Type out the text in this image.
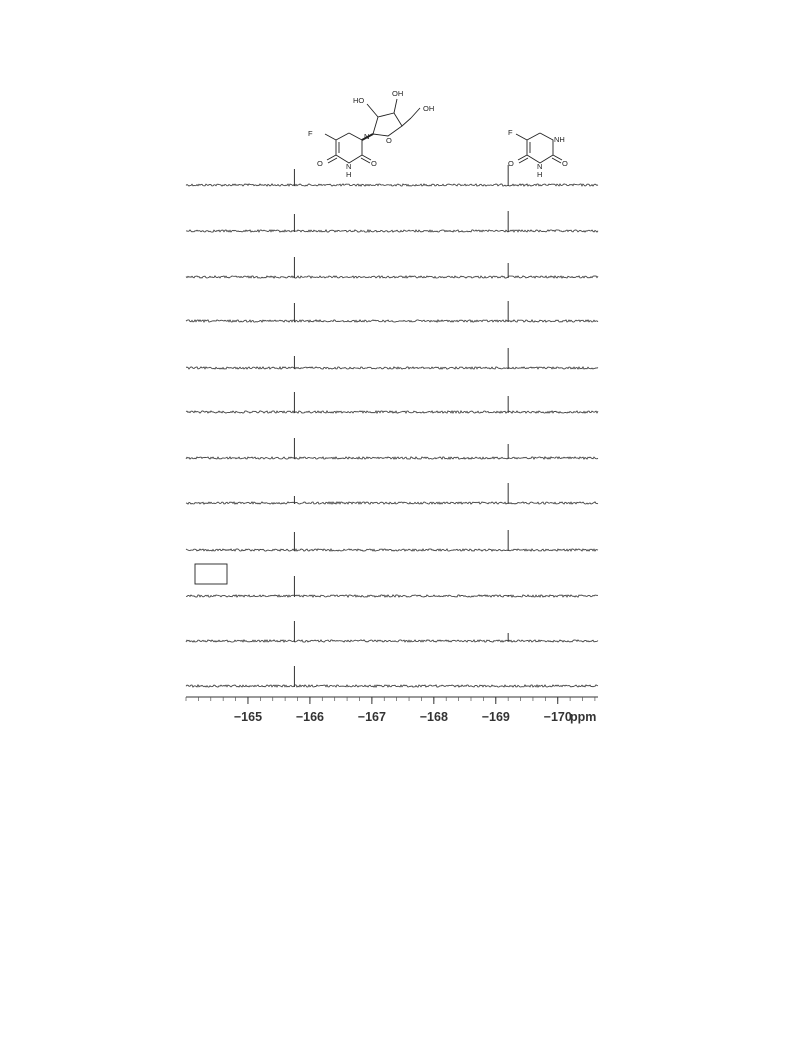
F	N
N
H
O	O
O
HO
OH
OH
F
NH
N
H
O	O
−165	−166	−167	−168	−169	−170
ppm
